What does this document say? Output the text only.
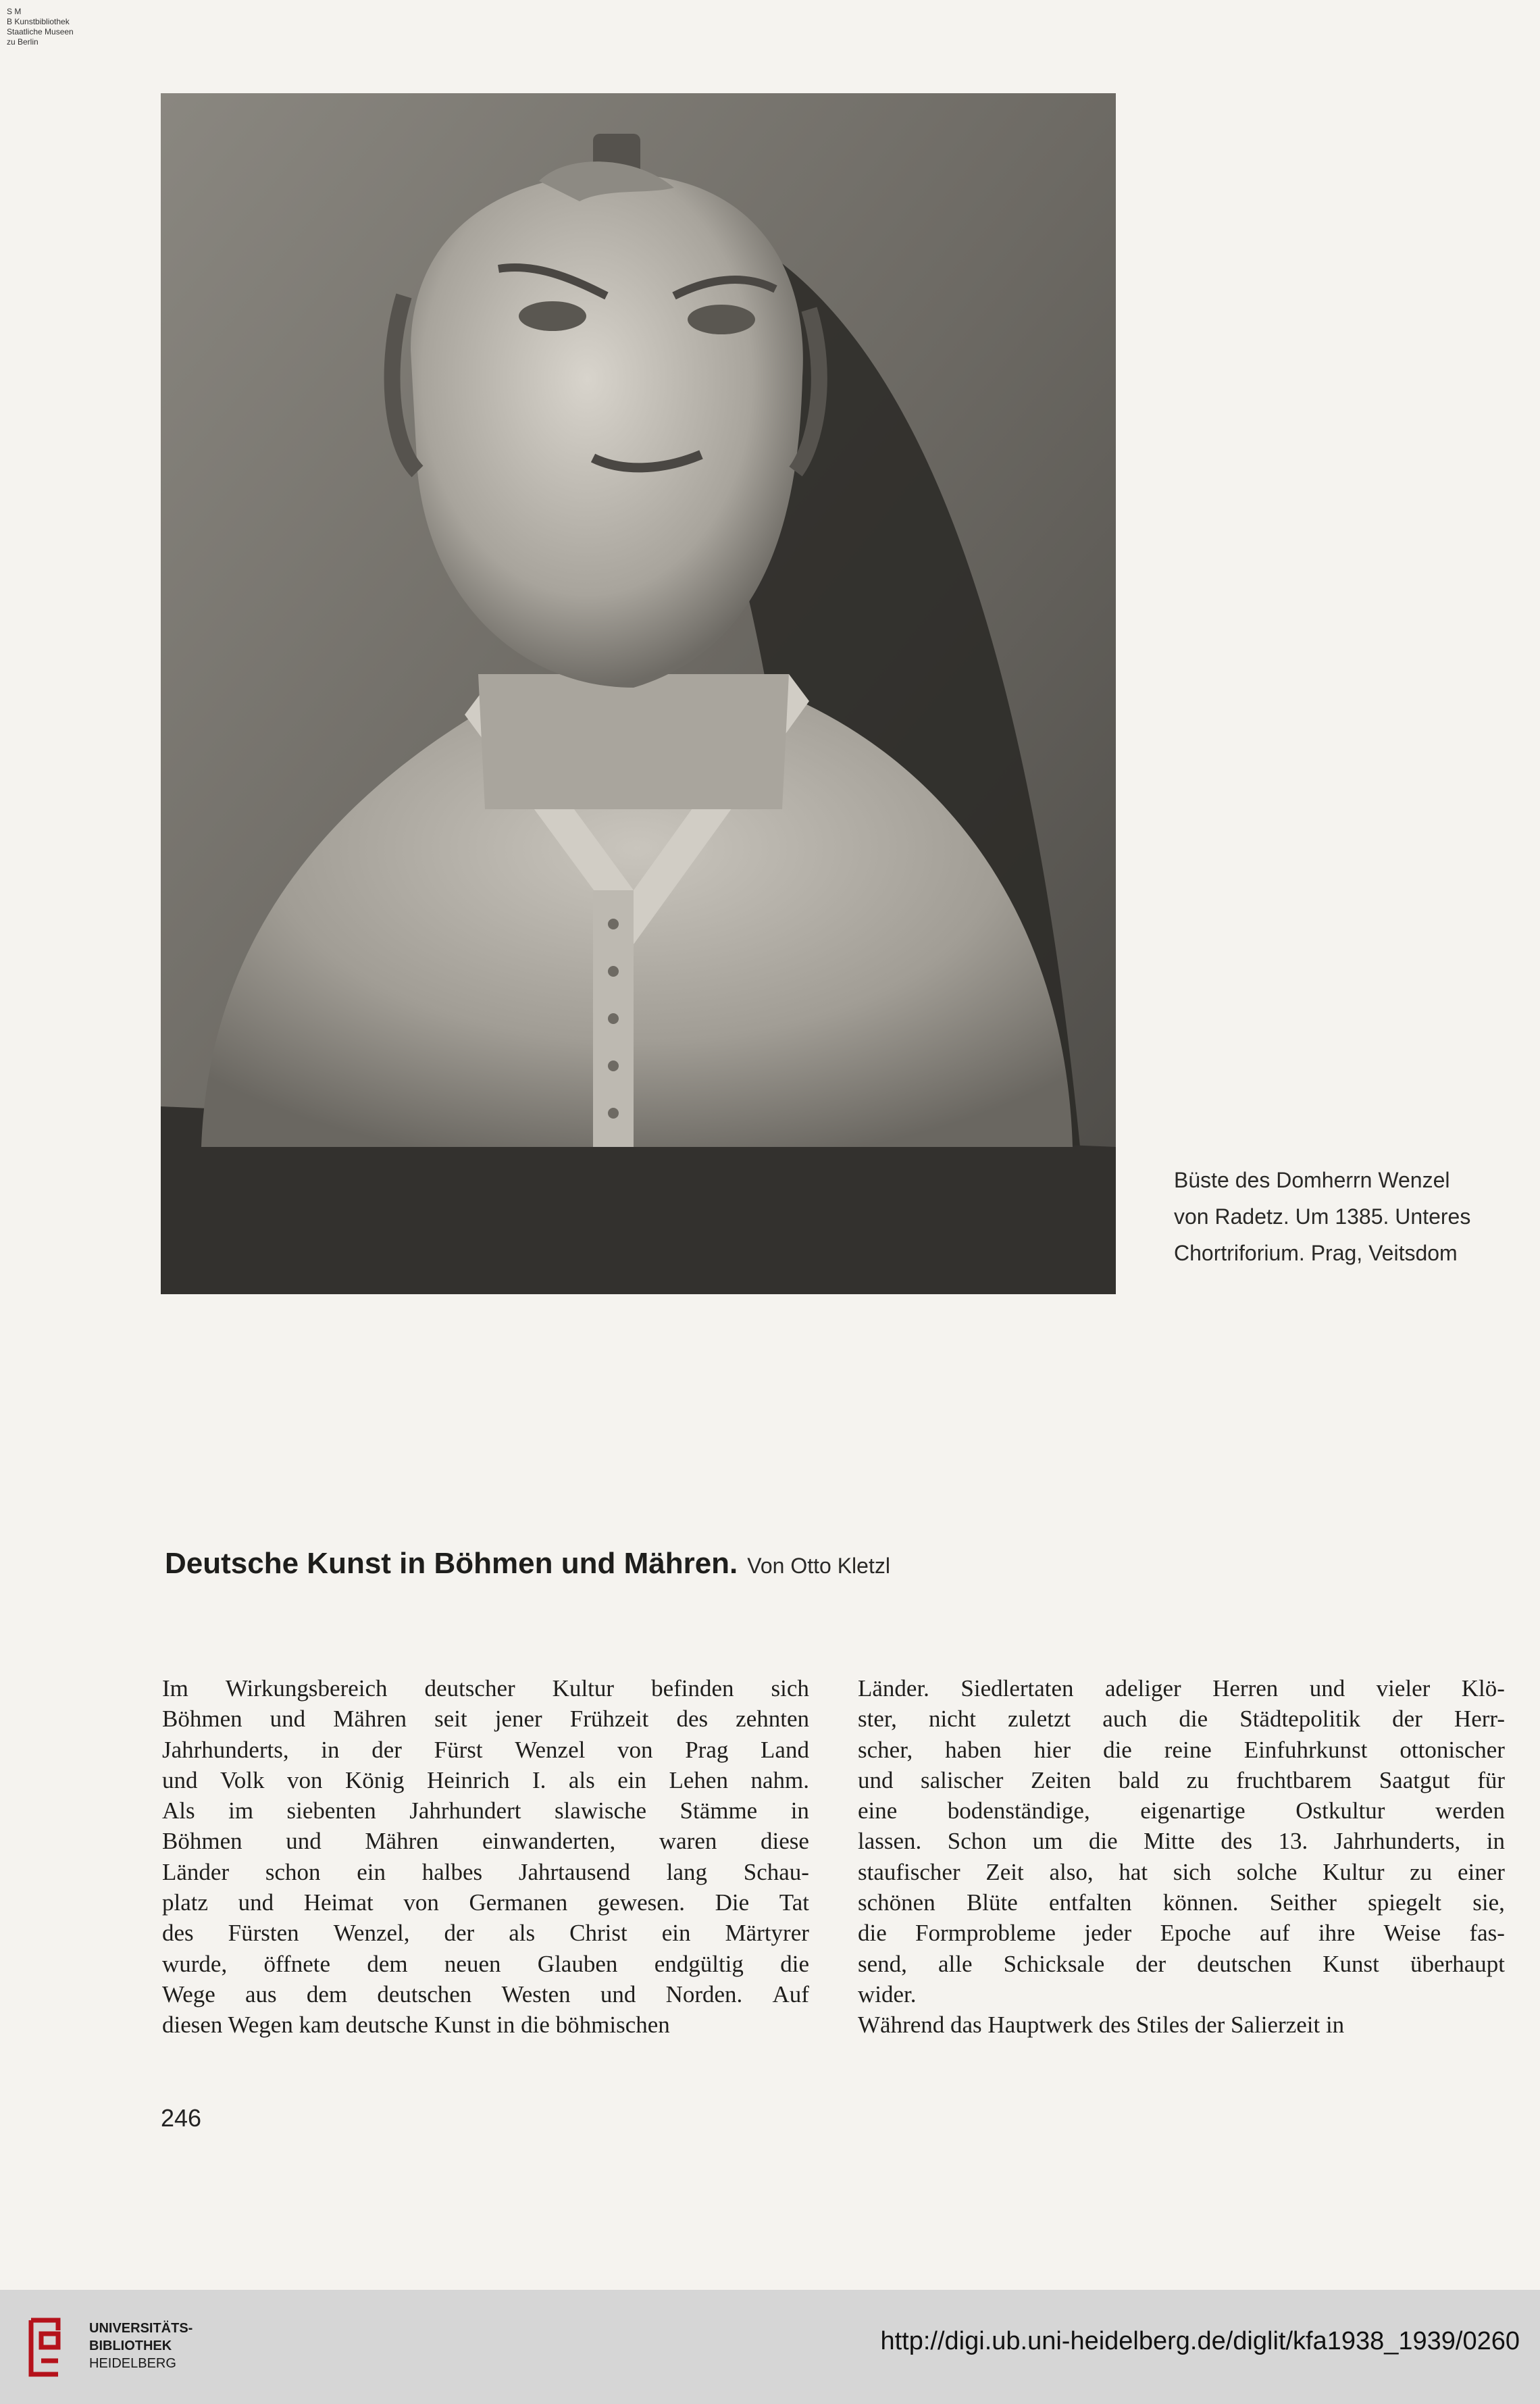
S M
B Kunstbibliothek
Staatliche Museen
zu Berlin
Büste des Domherrn Wenzel
von Radetz. Um 1385. Unteres
Chortriforium. Prag, Veitsdom
Deutsche Kunst in Böhmen und Mähren. Von Otto Kletzl
Im Wirkungsbereich deutscher Kultur befinden sich
Böhmen und Mähren seit jener Frühzeit des zehnten
Jahrhunderts, in der Fürst Wenzel von Prag Land
und Volk von König Heinrich I. als ein Lehen nahm.
Als im siebenten Jahrhundert slawische Stämme in
Böhmen und Mähren einwanderten, waren diese
Länder schon ein halbes Jahrtausend lang Schau-
platz und Heimat von Germanen gewesen. Die Tat
des Fürsten Wenzel, der als Christ ein Märtyrer
wurde, öffnete dem neuen Glauben endgültig die
Wege aus dem deutschen Westen und Norden. Auf
diesen Wegen kam deutsche Kunst in die böhmischen
Länder. Siedlertaten adeliger Herren und vieler Klö-
ster, nicht zuletzt auch die Städtepolitik der Herr-
scher, haben hier die reine Einfuhrkunst ottonischer
und salischer Zeiten bald zu fruchtbarem Saatgut für
eine bodenständige, eigenartige Ostkultur werden
lassen. Schon um die Mitte des 13. Jahrhunderts, in
staufischer Zeit also, hat sich solche Kultur zu einer
schönen Blüte entfalten können. Seither spiegelt sie,
die Formprobleme jeder Epoche auf ihre Weise fas-
send, alle Schicksale der deutschen Kunst überhaupt
wider.
Während das Hauptwerk des Stiles der Salierzeit in
246
UNIVERSITÄTS-
BIBLIOTHEK
HEIDELBERG
http://digi.ub.uni-heidelberg.de/diglit/kfa1938_1939/0260
